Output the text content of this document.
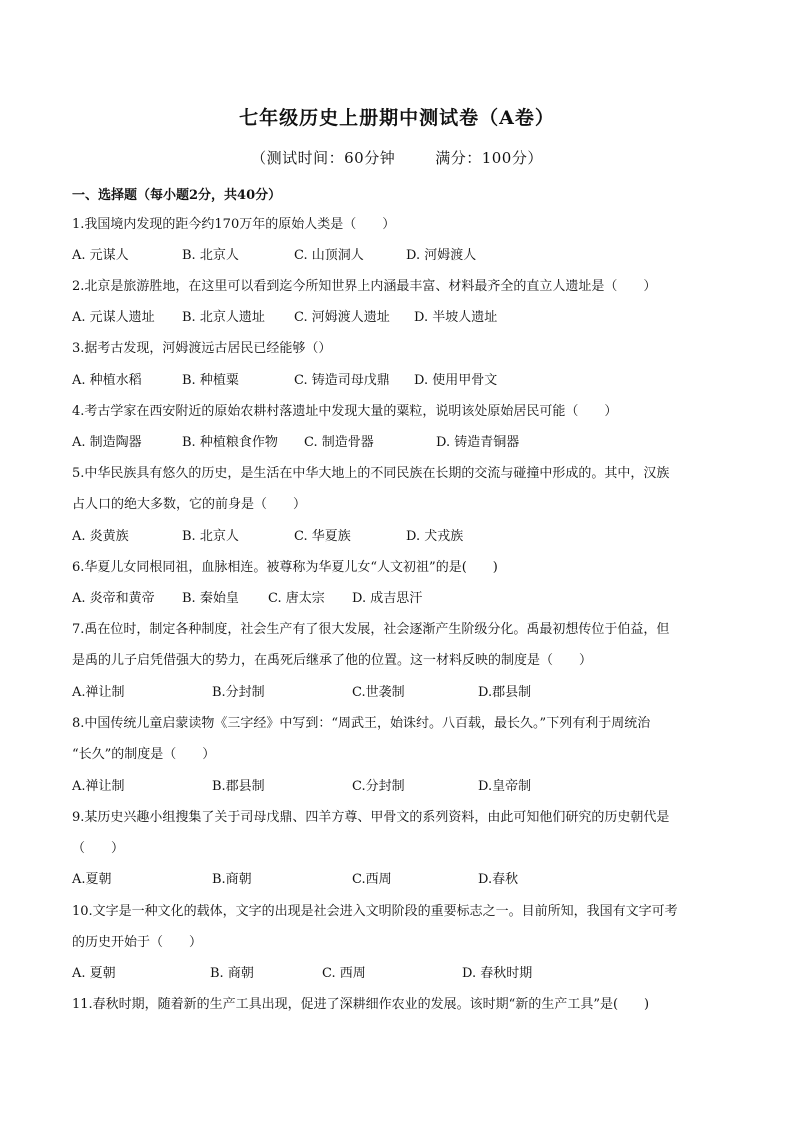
七年级历史上册期中测试卷（A卷）
（测试时间：60分钟	满分：100分）
一、选择题（每小题2分，共40分）
1.我国境内发现的距今约170万年的原始人类是（　　）
A. 元谋人	B. 北京人	C. 山顶洞人	D. 河姆渡人
2.北京是旅游胜地，在这里可以看到迄今所知世界上内涵最丰富、材料最齐全的直立人遗址是（　　）
A. 元谋人遗址 B. 北京人遗址 C. 河姆渡人遗址 D. 半坡人遗址
3.据考古发现，河姆渡远古居民已经能够（）
A. 种植水稻	B. 种植粟	C. 铸造司母戊鼎 D. 使用甲骨文
4.考古学家在西安附近的原始农耕村落遗址中发现大量的粟粒，说明该处原始居民可能（　　）
A. 制造陶器	B. 种植粮食作物 C. 制造骨器	D. 铸造青铜器
5.中华民族具有悠久的历史，是生活在中华大地上的不同民族在长期的交流与碰撞中形成的。其中，汉族
占人口的绝大多数，它的前身是（　　）
A. 炎黄族	B. 北京人	C. 华夏族	D. 犬戎族
6.华夏儿女同根同祖，血脉相连。被尊称为华夏儿女“人文初祖”的是(　　)
A. 炎帝和黄帝 B. 秦始皇 C. 唐太宗 D. 成吉思汗
7.禹在位时，制定各种制度，社会生产有了很大发展，社会逐渐产生阶级分化。禹最初想传位于伯益，但
是禹的儿子启凭借强大的势力，在禹死后继承了他的位置。这一材料反映的制度是（　　）
A.禅让制	B.分封制	C.世袭制	D.郡县制
8.中国传统儿童启蒙读物《三字经》中写到：“周武王，始诛纣。八百载，最长久。”下列有利于周统治
“长久”的制度是（　　）
A.禅让制	B.郡县制	C.分封制	D.皇帝制
9.某历史兴趣小组搜集了关于司母戊鼎、四羊方尊、甲骨文的系列资料，由此可知他们研究的历史朝代是
（　　）
A.夏朝	B.商朝	C.西周	D.春秋
10.文字是一种文化的载体，文字的出现是社会进入文明阶段的重要标志之一。目前所知，我国有文字可考
的历史开始于（　　）
A. 夏朝	B. 商朝	C. 西周	D. 春秋时期
11.春秋时期，随着新的生产工具出现，促进了深耕细作农业的发展。该时期“新的生产工具”是(　　)
